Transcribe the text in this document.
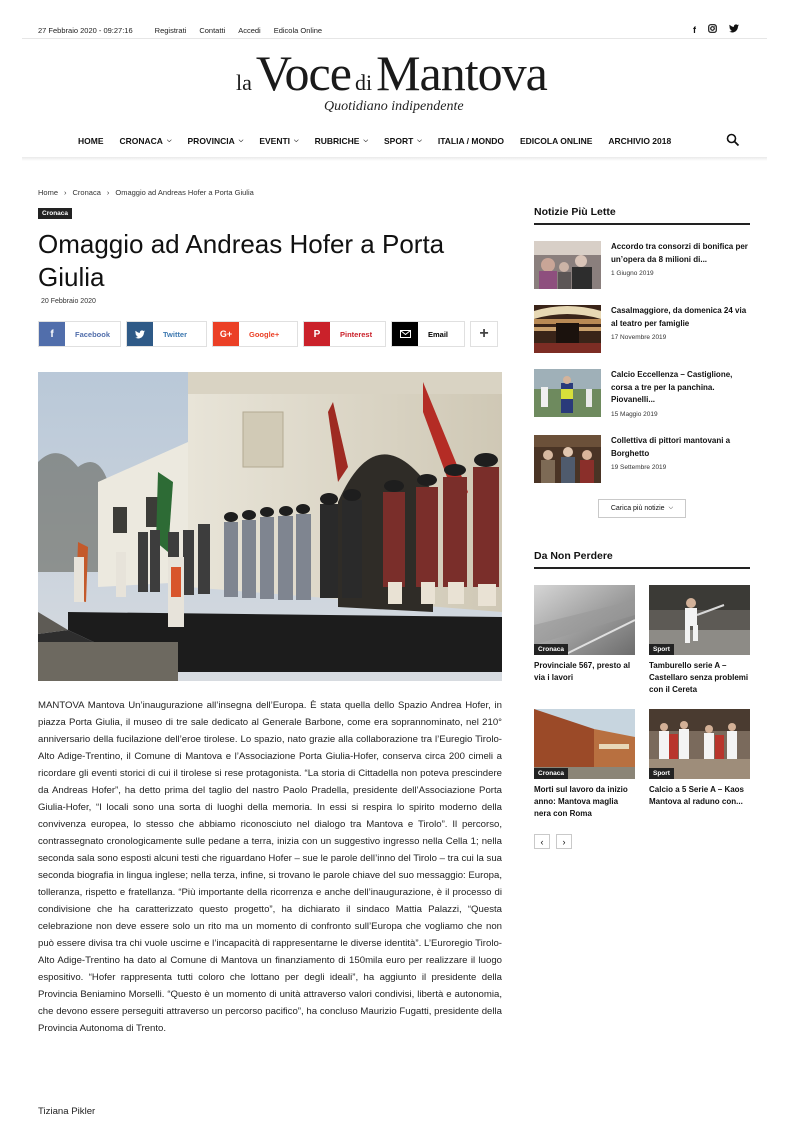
27 Febbraio 2020 - 09:27:16	Registrati Contatti Accedi Edicola Online	f
la Voce di Mantova
Quotidiano indipendente
HOME CRONACA ⌵ PROVINCIA ⌵ EVENTI ⌵ RUBRICHE ⌵ SPORT ⌵ ITALIA / MONDO EDICOLA ONLINE ARCHIVIO 2018
Home › Cronaca › Omaggio ad Andreas Hofer a Porta Giulia
Cronaca
Omaggio ad Andreas Hofer a Porta Giulia
20 Febbraio 2020
f	Facebook	Twitter	G+	Google+	P	Pinterest	Email	+

MANTOVA Mantova Un’inaugurazione all’insegna dell’Europa. È stata quella dello Spazio Andrea Hofer, in piazza Porta Giulia, il museo di tre sale dedicato al Generale Barbone, come era soprannominato, nel 210° anniversario della fucilazione dell’eroe tirolese. Lo spazio, nato grazie alla collaborazione tra l’Euregio Tirolo-Alto Adige-Trentino, il Comune di Mantova e l’Associazione Porta Giulia-Hofer, conserva circa 200 cimeli a ricordare gli eventi storici di cui il tirolese si rese protagonista. “La storia di Cittadella non poteva prescindere da Andreas Hofer”, ha detto prima del taglio del nastro Paolo Pradella, presidente dell’Associazione Porta Giulia-Hofer, “I locali sono una sorta di luoghi della memoria. In essi si respira lo spirito moderno della convivenza europea, lo stesso che abbiamo riconosciuto nel dialogo tra Mantova e Tirolo”. Il percorso, contrassegnato cronologicamente sulle pedane a terra, inizia con un suggestivo ingresso nella Cella 1; nella seconda sala sono esposti alcuni testi che riguardano Hofer – sue le parole dell’inno del Tirolo – tra cui la sua seconda biografia in lingua inglese; nella terza, infine, si trovano le parole chiave del suo messaggio: Europa, tolleranza, rispetto e fratellanza. “Più importante della ricorrenza e anche dell’inaugurazione, è il processo di condivisione che ha caratterizzato questo progetto”, ha dichiarato il sindaco Mattia Palazzi, “Questa celebrazione non deve essere solo un rito ma un momento di confronto sull’Europa che vogliamo che non può essere divisa tra chi vuole uscirne e l’incapacità di rappresentarne le diverse identità”. L’Euroregio Tirolo-Alto Adige-Trentino ha dato al Comune di Mantova un finanziamento di 150mila euro per realizzare il luogo espositivo. “Hofer rappresenta tutti coloro che lottano per degli ideali”, ha aggiunto il presidente della Provincia Beniamino Morselli. “Questo è un momento di unità attraverso valori condivisi, libertà e autonomia, che devono essere perseguiti attraverso un percorso pacifico”, ha concluso Maurizio Fugatti, presidente della Provincia Autonoma di Trento.

Tiziana Pikler
Notizie Più Lette
Accordo tra consorzi di bonifica per un’opera da 8 milioni di...
1 Giugno 2019
Casalmaggiore, da domenica 24 via al teatro per famiglie
17 Novembre 2019
Calcio Eccellenza – Castiglione, corsa a tre per la panchina. Piovanelli...
15 Maggio 2019
Collettiva di pittori mantovani a Borghetto
19 Settembre 2019
Carica più notizie ⌵
Da Non Perdere
Cronaca
Provinciale 567, presto al via i lavori
Sport
Tamburello serie A – Castellaro senza problemi con il Cereta
Cronaca
Morti sul lavoro da inizio anno: Mantova maglia nera con Roma
Sport
Calcio a 5 Serie A – Kaos Mantova al raduno con...
‹	›
